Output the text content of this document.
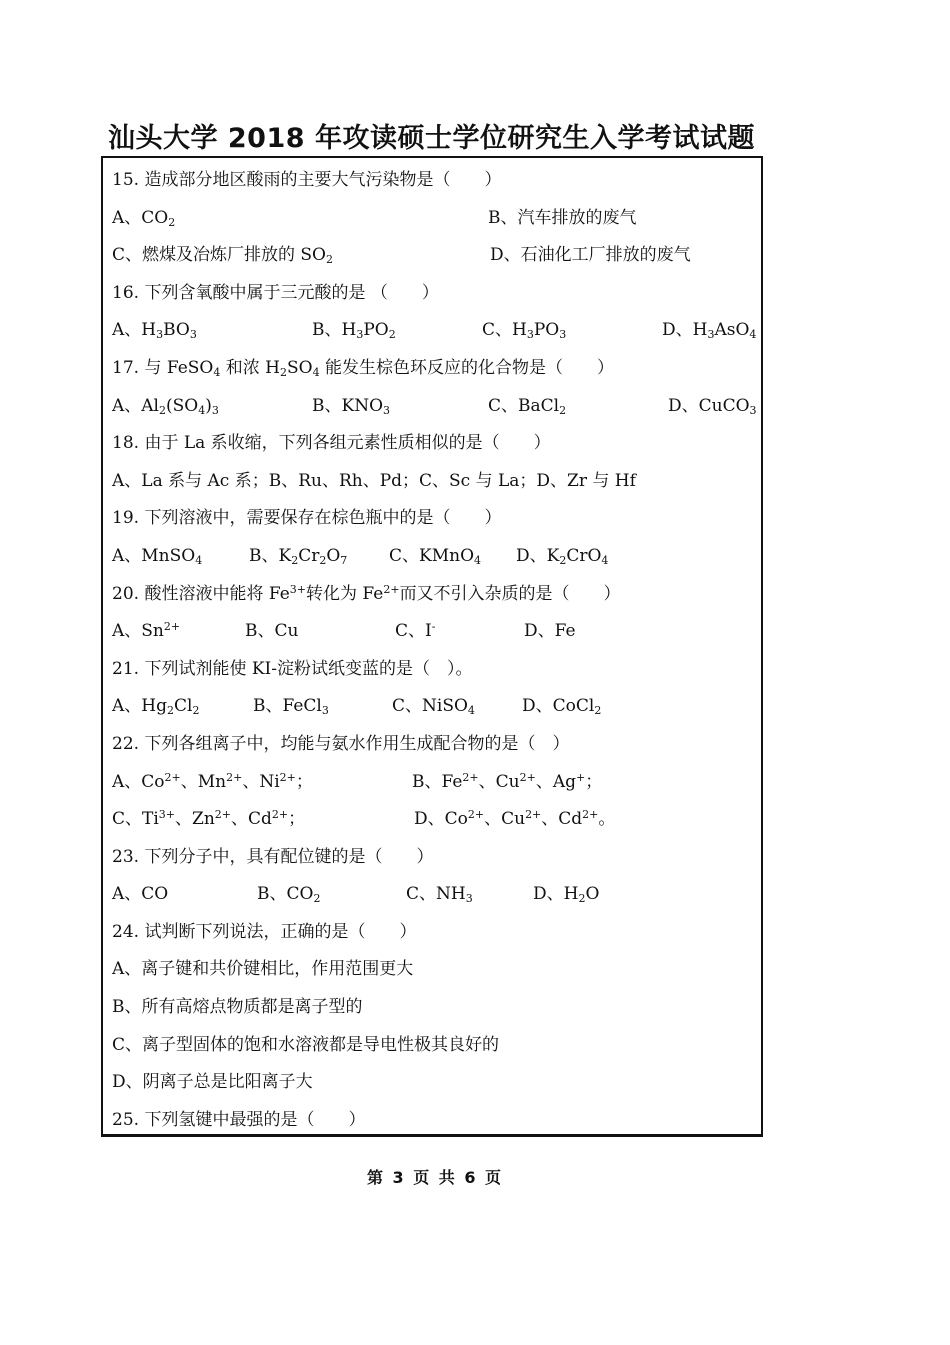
汕头大学 2018 年攻读硕士学位研究生入学考试试题
15. 造成部分地区酸雨的主要大气污染物是（　　）
A、$CO_2$	B、汽车排放的废气
C、燃煤及冶炼厂排放的 $SO_2$	D、石油化工厂排放的废气
16. 下列含氧酸中属于三元酸的是 （　　）
A、$H_3BO_3$	B、$H_3PO_2$	C、$H_3PO_3$	D、$H_3AsO_4$
17. 与 FeSO$_4$ 和浓 $H_2SO_4$ 能发生棕色环反应的化合物是（　　）
A、$Al_2(SO_4)_3$	B、$KNO_3$	C、BaCl$_2$	D、CuCO$_3$
18. 由于 La 系收缩，下列各组元素性质相似的是（　　）
A、La 系与 Ac 系；B、Ru、Rh、Pd；C、Sc 与 La；D、Zr 与 Hf
19. 下列溶液中，需要保存在棕色瓶中的是（　　）
A、MnSO$_4$	B、$K_2Cr_2O_7$ C、KMnO$_4$ D、$K_2CrO_4$
20. 酸性溶液中能将 $Fe^{3+}$转化为 $Fe^{2+}$而又不引入杂质的是（　　）
A、$Sn^{2+}$	B、Cu	C、I-	D、Fe
21. 下列试剂能使 KI-淀粉试纸变蓝的是（　）。
A、$Hg_2Cl_2$	B、FeCl$_3$	C、NiSO$_4$	D、CoCl$_2$
22. 下列各组离子中，均能与氨水作用生成配合物的是（　）
A、$Co^{2+}$、$Mn^{2+}$、$Ni^{2+}$；	B、$Fe^{2+}$、$Cu^{2+}$、Ag+；
C、$Ti^{3+}$、$Zn^{2+}$、$Cd^{2+}$；	D、$Co^{2+}$、$Cu^{2+}$、$Cd^{2+}$。
23. 下列分子中，具有配位键的是（　　）
A、CO	B、$CO_2$	C、$NH_3$	D、$H_2O$
24. 试判断下列说法，正确的是（　　）
A、离子键和共价键相比，作用范围更大
B、所有高熔点物质都是离子型的
C、离子型固体的饱和水溶液都是导电性极其良好的
D、阴离子总是比阳离子大
25. 下列氢键中最强的是（　　）
第 3 页 共 6 页
